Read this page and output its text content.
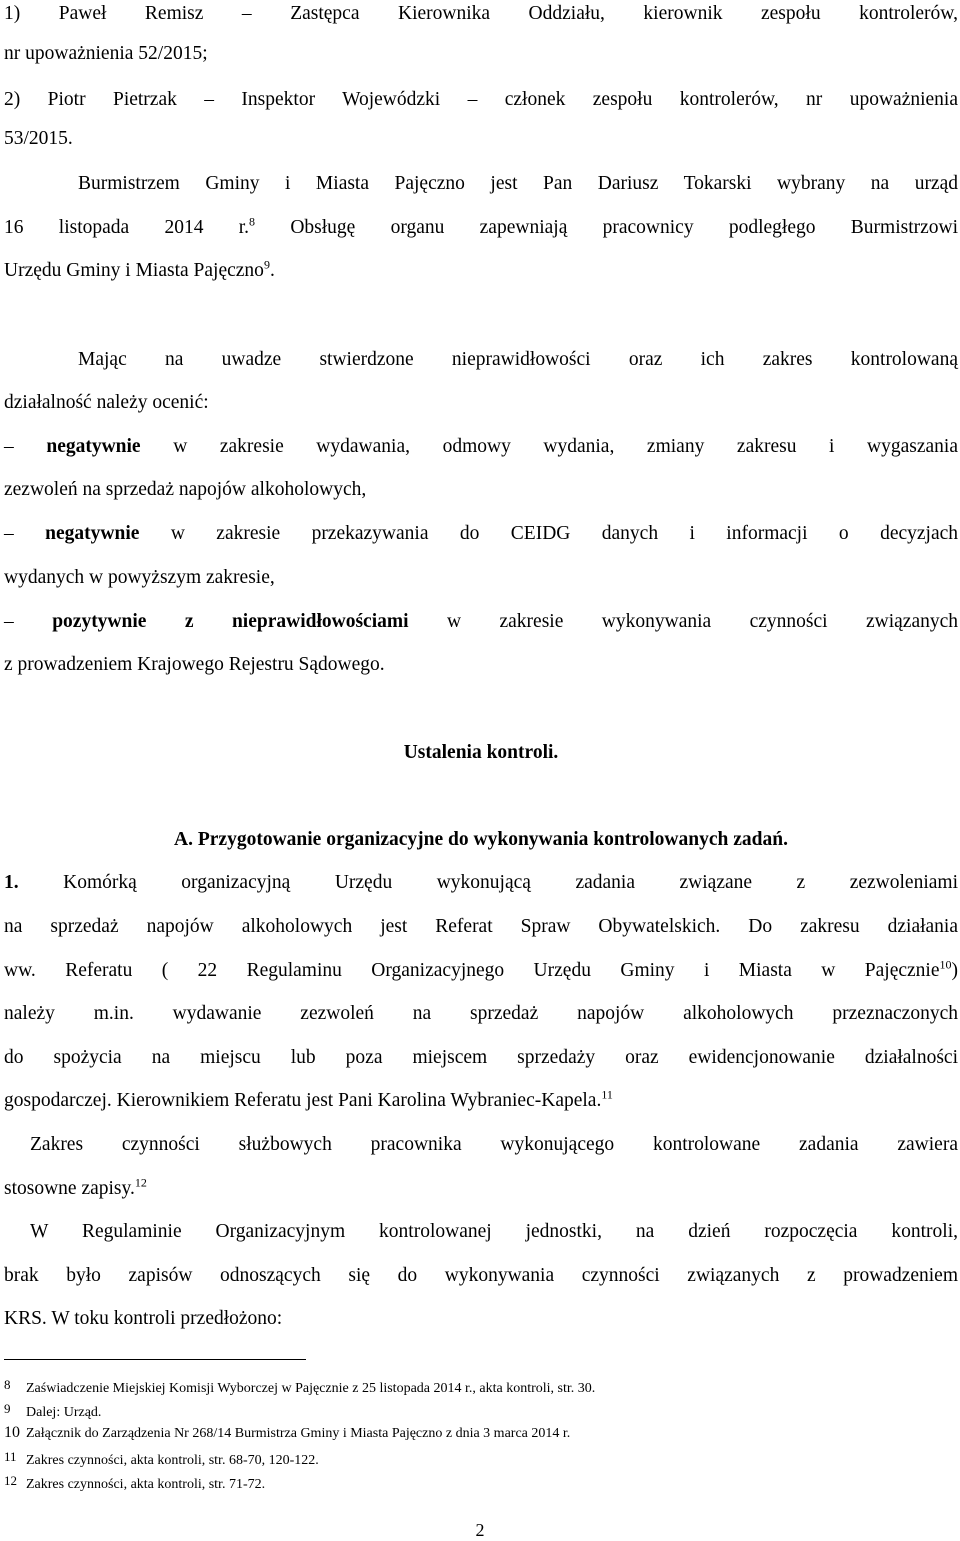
1) Paweł Remisz – Zastępca Kierownika Oddziału, kierownik zespołu kontrolerów,
nr upoważnienia 52/2015;
2) Piotr Pietrzak – Inspektor Wojewódzki – członek zespołu kontrolerów, nr upoważnienia
53/2015.
Burmistrzem Gminy i Miasta Pajęczno jest Pan Dariusz Tokarski wybrany na urząd
16 listopada 2014 r.$^8$ Obsługę organu zapewniają pracownicy podległego Burmistrzowi
Urzędu Gminy i Miasta Pajęczno$^9$.
Mając na uwadze stwierdzone nieprawidłowości oraz ich zakres kontrolowaną
działalność należy ocenić:
– negatywnie w zakresie wydawania, odmowy wydania, zmiany zakresu i wygaszania
zezwoleń na sprzedaż napojów alkoholowych,
– negatywnie w zakresie przekazywania do CEIDG danych i informacji o decyzjach
wydanych w powyższym zakresie,
– pozytywnie z nieprawidłowościami w zakresie wykonywania czynności związanych
z prowadzeniem Krajowego Rejestru Sądowego.
Ustalenia kontroli.
A. Przygotowanie organizacyjne do wykonywania kontrolowanych zadań.
1. Komórką organizacyjną Urzędu wykonującą zadania związane z zezwoleniami
na sprzedaż napojów alkoholowych jest Referat Spraw Obywatelskich. Do zakresu działania
ww. Referatu ( 22 Regulaminu Organizacyjnego Urzędu Gminy i Miasta w Pajęcznie$^{10}$)
należy m.in. wydawanie zezwoleń na sprzedaż napojów alkoholowych przeznaczonych
do spożycia na miejscu lub poza miejscem sprzedaży oraz ewidencjonowanie działalności
gospodarczej. Kierownikiem Referatu jest Pani Karolina Wybraniec-Kapela.$^{11}$
Zakres czynności służbowych pracownika wykonującego kontrolowane zadania zawiera
stosowne zapisy.$^{12}$
W Regulaminie Organizacyjnym kontrolowanej jednostki, na dzień rozpoczęcia kontroli,
brak było zapisów odnoszących się do wykonywania czynności związanych z prowadzeniem
KRS. W toku kontroli przedłożono:
8 Zaświadczenie Miejskiej Komisji Wyborczej w Pajęcznie z 25 listopada 2014 r., akta kontroli, str. 30.
9 Dalej: Urząd.
10 Załącznik do Zarządzenia Nr 268/14 Burmistrza Gminy i Miasta Pajęczno z dnia 3 marca 2014 r.
11 Zakres czynności, akta kontroli, str. 68-70, 120-122.
12 Zakres czynności, akta kontroli, str. 71-72.
2
